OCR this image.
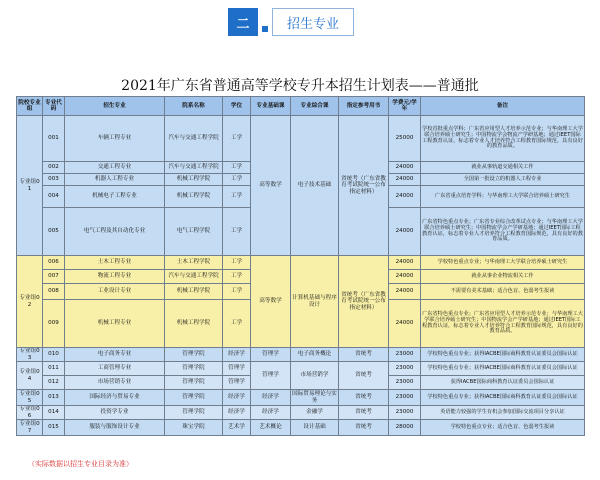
二	招生专业
2021年广东省普通高等学校专升本招生计划表——普通批
院校专业组	专业代码	招生专业	院系名称	学位	专业基础课	专业综合课	指定参考用书	学费元/学年	备注
专业组01	001	车辆工程专业	汽车与交通工程学院	工学	高等数学	电子技术基础	省统考（广东省教育考试院统一公布指定材料）	25000	学校首批重点学科；广东省应用型人才培养示范专业；与华南理工大学联合培养硕士研究生；中国物流学会物流产学研基地；通过IEET国际工程教育认证，标志着专业人才培养符合工程教育国际规范，具有良好的教育品质。
	002	交通工程专业	汽车与交通工程学院	工学				24000	就业从事轨道交通相关工作
	003	机器人工程专业	机械工程学院	工学				24000	全国第一批设立的机器人工程专业
	004	机械电子工程专业	机械工程学院	工学				24000	广东省重点培育学科；与华南理工大学联合培养硕士研究生
	005	电气工程及其自动化专业	电气工程学院	工学				24000	广东省特色重点专业；广东省专业综合改革试点专业；与华南理工大学联合培养硕士研究生；中国物流学会产学研基地；通过IEET国际工程教育认证，标志着专业人才培养符合工程教育国际规范，具有良好的教育品质。
专业组02	006	土木工程专业	土木工程学院	工学	高等数学	计算机基础与程序设计	省统考（广东省教育考试院统一公布指定材料）	24000	学校特色重点专业；与华南理工大学联合培养硕士研究生
	007	物流工程专业	汽车与交通工程学院	工学				24000	就业从事企业物流相关工作
	008	工业设计专业	机械工程学院	工学				24000	不需要有美术基础；适合色盲、色弱考生报读
	009	机械工程专业	机械工程学院	工学				24000	广东省特色重点专业；广东省应用型人才培养示范专业；与华南理工大学联合培养硕士研究生；中国物流学会产学研基地；通过IEET国际工程教育认证，标志着专业人才培养符合工程教育国际规范，具有良好的教育品质。
专业组03	010	电子商务专业	管理学院	经济学	管理学	电子商务概论	省统考	23000	学校特色重点专业；获得IACBE国际商科教育认证委员会国际认证
专业组04	011	工商管理专业	管理学院	管理学	管理学	市场营销学	省统考	23000	学校特色重点专业；获得IACBE国际商科教育认证委员会国际认证
	012	市场营销专业	管理学院	管理学				23000	获得IACBE国际商科教育认证委员会国际认证
专业组05	013	国际经济与贸易专业	管理学院	经济学	经济学	国际贸易理论与实务	省统考	23000	学校特色重点专业；获得IACBE国际商科教育认证委员会国际认证
专业组06	014	投资学专业	管理学院	经济学	经济学	金融学	省统考	23000	英语能力较强的学生有机会参加国际交流项目分享认证
专业组07	015	服装与服饰设计专业	珠宝学院	艺术学	艺术概论	设计基础	省统考	28000	学校特色重点专业；适合色盲、色弱考生报读
（实际数据以招生专业目录为准）
